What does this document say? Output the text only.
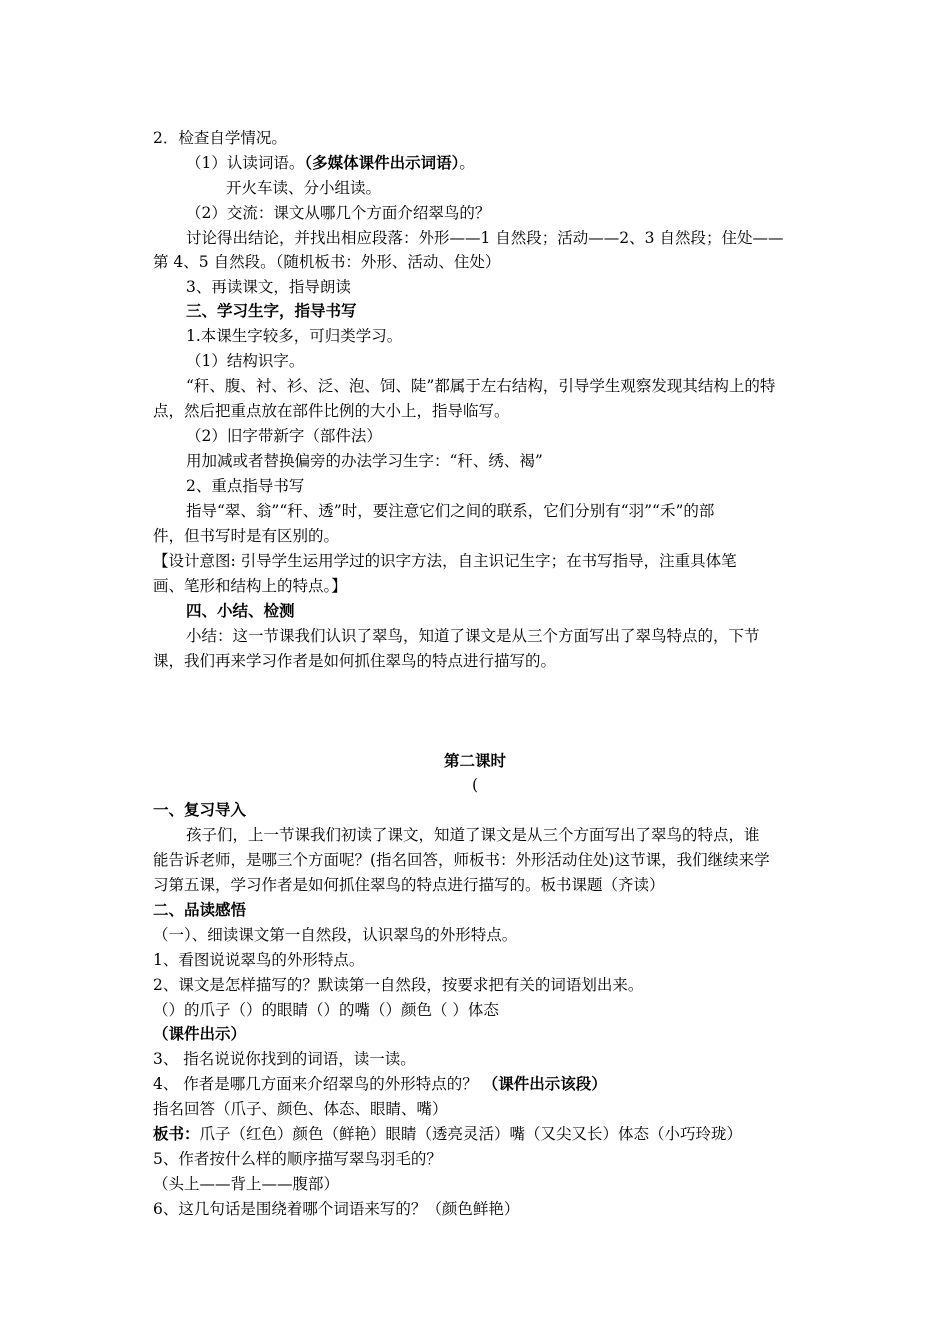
2．检查自学情况。
（1）认读词语。（多媒体课件出示词语）。
开火车读、分小组读。
（2）交流：课文从哪几个方面介绍翠鸟的？
讨论得出结论，并找出相应段落：外形——1 自然段；活动——2、3 自然段；住处——
第 4、5 自然段。（随机板书：外形、活动、住处）
3、再读课文，指导朗读
三、学习生字，指导书写
1.本课生字较多，可归类学习。
（1）结构识字。
“秆、腹、衬、衫、泛、泡、饲、陡”都属于左右结构，引导学生观察发现其结构上的特
点，然后把重点放在部件比例的大小上，指导临写。
（2）旧字带新字（部件法）
用加减或者替换偏旁的办法学习生字：“秆、绣、褐”
2、重点指导书写
指导“翠、翁”“秆、透”时，要注意它们之间的联系，它们分别有“羽”“禾”的部
件，但书写时是有区别的。
【设计意图: 引导学生运用学过的识字方法，自主识记生字；在书写指导，注重具体笔
画、笔形和结构上的特点。】
四、小结、检测
小结：这一节课我们认识了翠鸟，知道了课文是从三个方面写出了翠鸟特点的，下节
课，我们再来学习作者是如何抓住翠鸟的特点进行描写的。
第二课时
(
一、复习导入
孩子们，上一节课我们初读了课文，知道了课文是从三个方面写出了翠鸟的特点，谁
能告诉老师，是哪三个方面呢？(指名回答，师板书：外形活动住处)这节课，我们继续来学
习第五课，学习作者是如何抓住翠鸟的特点进行描写的。板书课题（齐读）
二、品读感悟
（一）、细读课文第一自然段，认识翠鸟的外形特点。
1、看图说说翠鸟的外形特点。
2、课文是怎样描写的？默读第一自然段，按要求把有关的词语划出来。
（）的爪子（）的眼睛（）的嘴（）颜色（ ）体态
（课件出示）
3、 指名说说你找到的词语，读一读。
4、 作者是哪几方面来介绍翠鸟的外形特点的？ （课件出示该段）
指名回答（爪子、颜色、体态、眼睛、嘴）
板书：爪子（红色）颜色（鲜艳）眼睛（透亮灵活）嘴（又尖又长）体态（小巧玲珑）
5、作者按什么样的顺序描写翠鸟羽毛的？
（头上——背上——腹部）
6、这几句话是围绕着哪个词语来写的？（颜色鲜艳）
